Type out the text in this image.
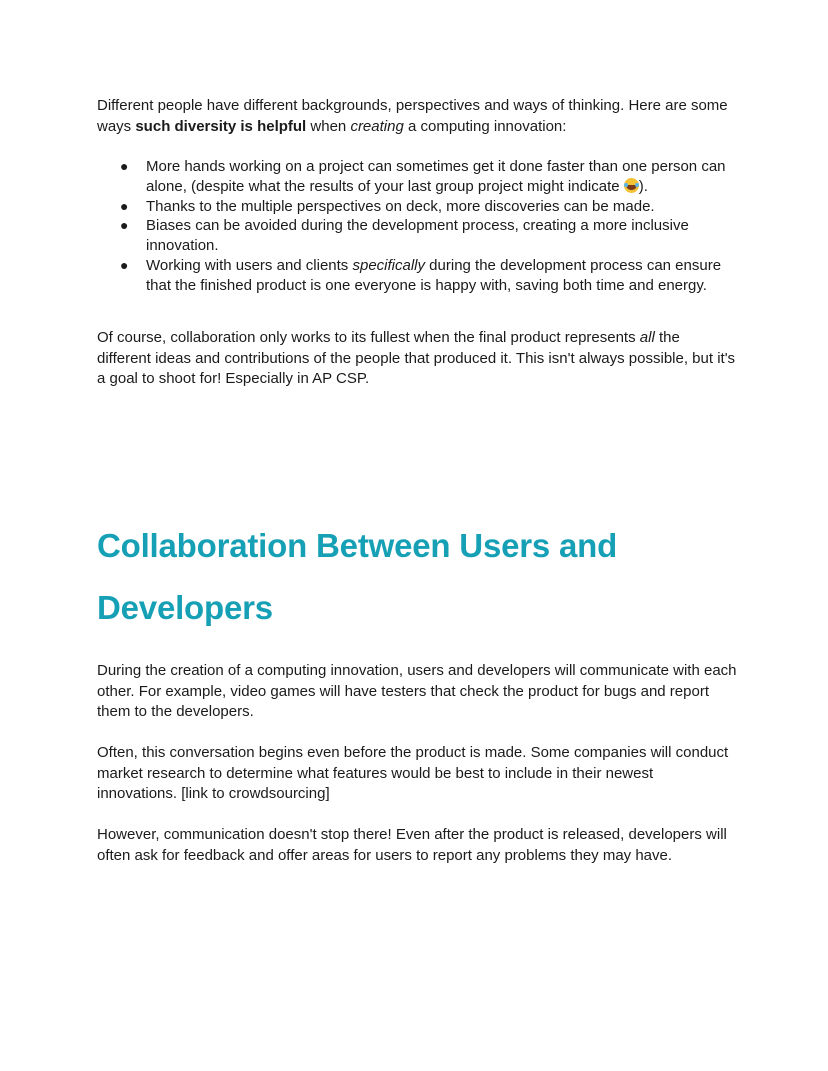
Different people have different backgrounds, perspectives and ways of thinking. Here are some ways such diversity is helpful when creating a computing innovation:

● More hands working on a project can sometimes get it done faster than one person can alone, (despite what the results of your last group project might indicate ).
● Thanks to the multiple perspectives on deck, more discoveries can be made.
● Biases can be avoided during the development process, creating a more inclusive innovation.
● Working with users and clients specifically during the development process can ensure that the finished product is one everyone is happy with, saving both time and energy.

Of course, collaboration only works to its fullest when the final product represents all the different ideas and contributions of the people that produced it. This isn't always possible, but it's a goal to shoot for! Especially in AP CSP.

Collaboration Between Users and Developers

During the creation of a computing innovation, users and developers will communicate with each other. For example, video games will have testers that check the product for bugs and report them to the developers.

Often, this conversation begins even before the product is made. Some companies will conduct market research to determine what features would be best to include in their newest innovations. [link to crowdsourcing]

However, communication doesn't stop there! Even after the product is released, developers will often ask for feedback and offer areas for users to report any problems they may have.
